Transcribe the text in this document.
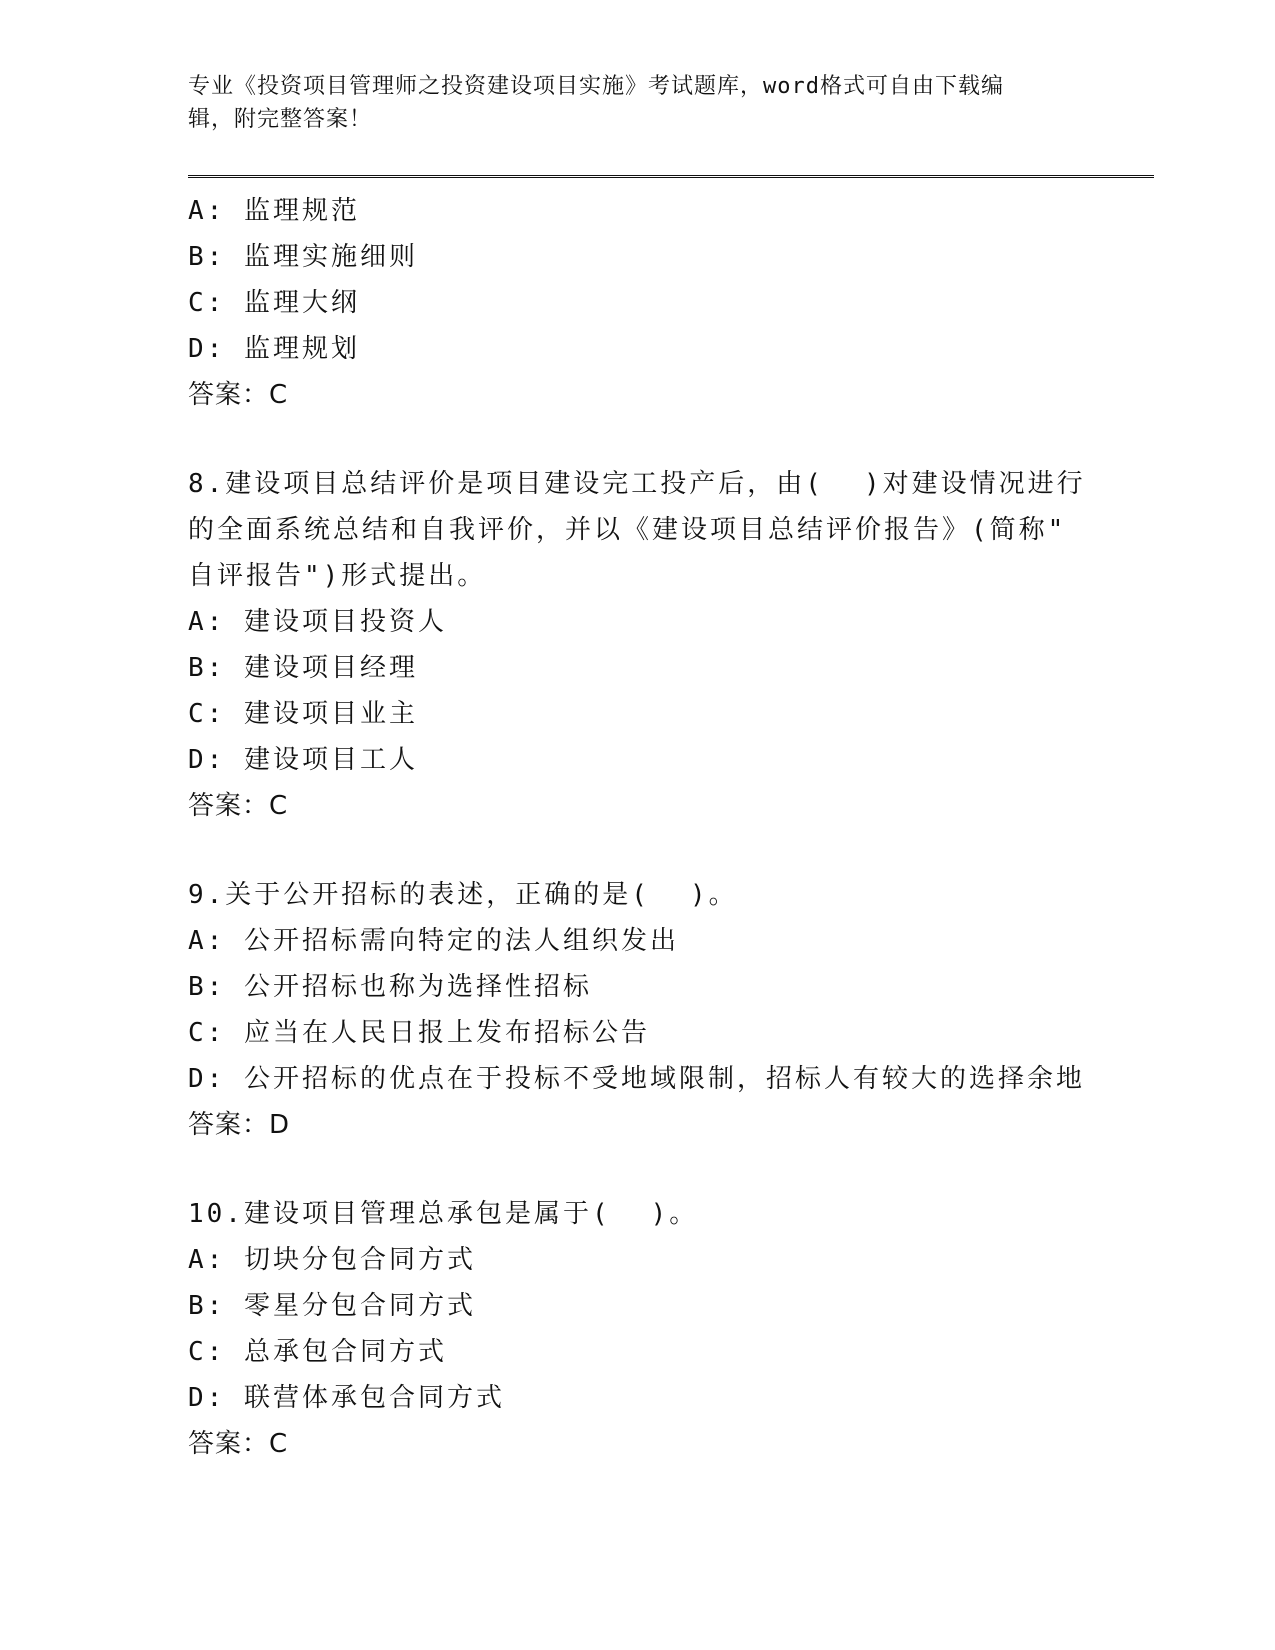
专业《投资项目管理师之投资建设项目实施》考试题库，word格式可自由下载编
辑，附完整答案！
A: 监理规范
B: 监理实施细则
C: 监理大纲
D: 监理规划
答案：C
8.建设项目总结评价是项目建设完工投产后，由( )对建设情况进行
的全面系统总结和自我评价，并以《建设项目总结评价报告》(简称"
自评报告")形式提出。
A: 建设项目投资人
B: 建设项目经理
C: 建设项目业主
D: 建设项目工人
答案：C
9.关于公开招标的表述，正确的是( )。
A: 公开招标需向特定的法人组织发出
B: 公开招标也称为选择性招标
C: 应当在人民日报上发布招标公告
D: 公开招标的优点在于投标不受地域限制，招标人有较大的选择余地
答案：D
10.建设项目管理总承包是属于( )。
A: 切块分包合同方式
B: 零星分包合同方式
C: 总承包合同方式
D: 联营体承包合同方式
答案：C
